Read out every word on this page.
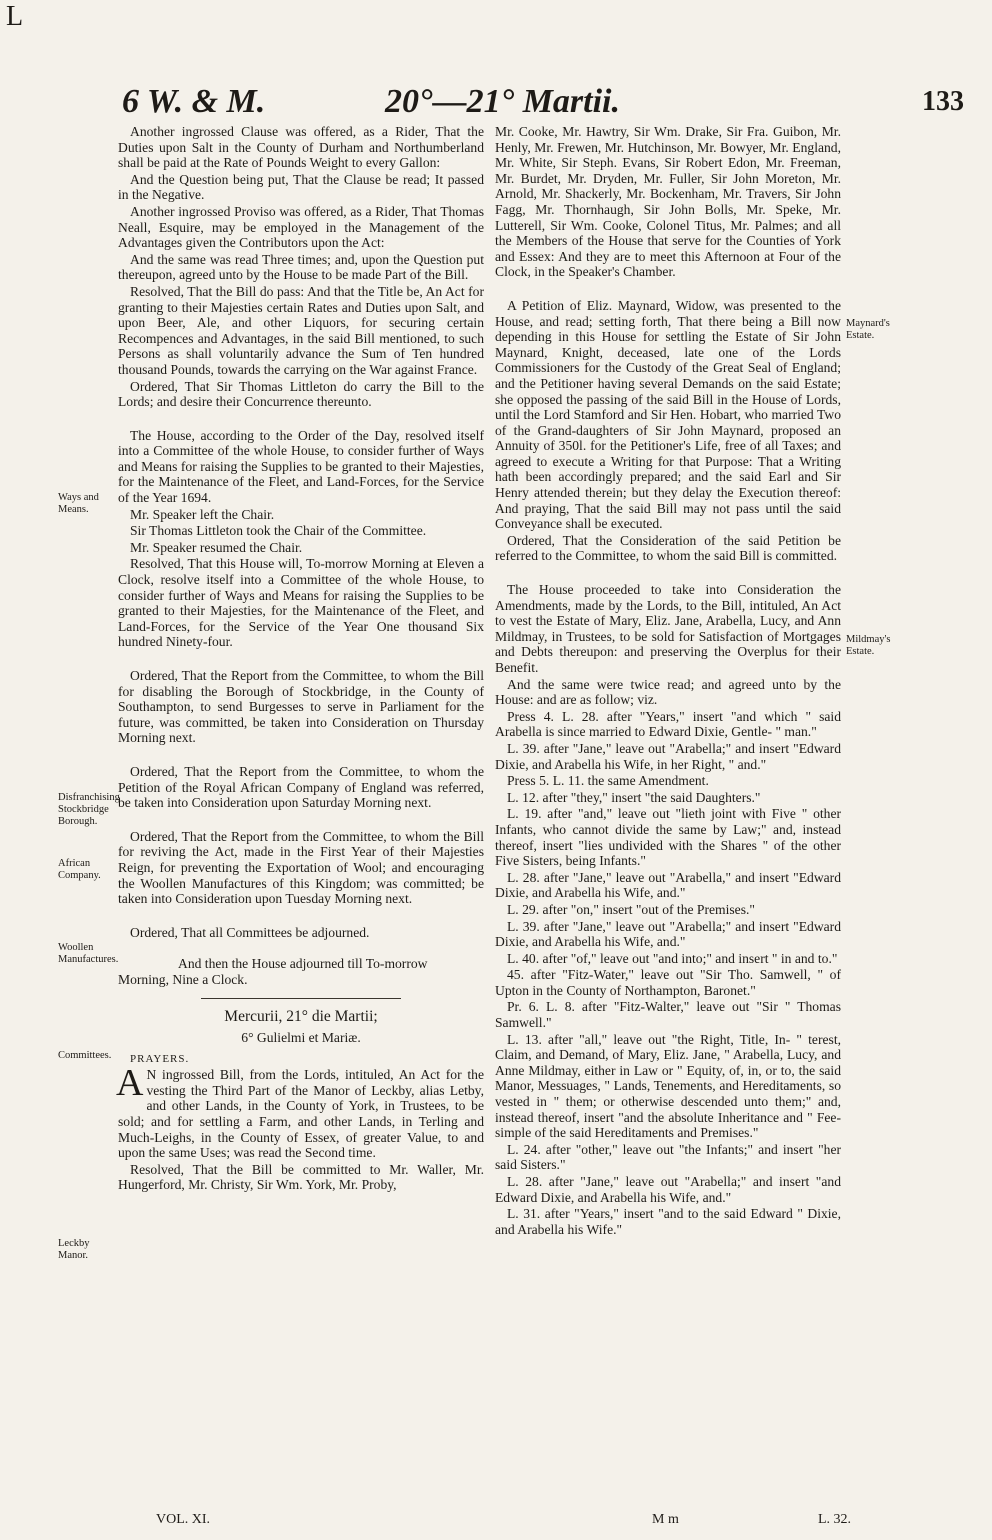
L
6 W. & M.	20°—21° Martii.	133

Another ingrossed Clause was offered, as a Rider, That the Duties upon Salt in the County of Durham and Northumberland shall be paid at the Rate of Pounds Weight to every Gallon:

And the Question being put, That the Clause be read; It passed in the Negative.

Another ingrossed Proviso was offered, as a Rider, That Thomas Neall, Esquire, may be employed in the Management of the Advantages given the Contributors upon the Act:

And the same was read Three times; and, upon the Question put thereupon, agreed unto by the House to be made Part of the Bill.

Resolved, That the Bill do pass: And that the Title be, An Act for granting to their Majesties certain Rates and Duties upon Salt, and upon Beer, Ale, and other Liquors, for securing certain Recompences and Advantages, in the said Bill mentioned, to such Persons as shall voluntarily advance the Sum of Ten hundred thousand Pounds, towards the carrying on the War against France.

Ordered, That Sir Thomas Littleton do carry the Bill to the Lords; and desire their Concurrence thereunto.

The House, according to the Order of the Day, resolved itself into a Committee of the whole House, to consider further of Ways and Means for raising the Supplies to be granted to their Majesties, for the Maintenance of the Fleet, and Land-Forces, for the Service of the Year 1694.

Mr. Speaker left the Chair.

Sir Thomas Littleton took the Chair of the Committee.

Mr. Speaker resumed the Chair.

Resolved, That this House will, To-morrow Morning at Eleven a Clock, resolve itself into a Committee of the whole House, to consider further of Ways and Means for raising the Supplies to be granted to their Majesties, for the Maintenance of the Fleet, and Land-Forces, for the Service of the Year One thousand Six hundred Ninety-four.

Ordered, That the Report from the Committee, to whom the Bill for disabling the Borough of Stockbridge, in the County of Southampton, to send Burgesses to serve in Parliament for the future, was committed, be taken into Consideration on Thursday Morning next.

Ordered, That the Report from the Committee, to whom the Petition of the Royal African Company of England was referred, be taken into Consideration upon Saturday Morning next.

Ordered, That the Report from the Committee, to whom the Bill for reviving the Act, made in the First Year of their Majesties Reign, for preventing the Exportation of Wool; and encouraging the Woollen Manufactures of this Kingdom; was committed; be taken into Consideration upon Tuesday Morning next.

Ordered, That all Committees be adjourned.

And then the House adjourned till To-morrow Morning, Nine a Clock.

Mercurii, 21° die Martii;
6° Gulielmi et Mariæ.

PRAYERS.

A N ingrossed Bill, from the Lords, intituled, An Act for the vesting the Third Part of the Manor of Leckby, alias Letby, and other Lands, in the County of York, in Trustees, to be sold; and for settling a Farm, and other Lands, in Terling and Much-Leighs, in the County of Essex, of greater Value, to and upon the same Uses; was read the Second time.

Resolved, That the Bill be committed to Mr. Waller, Mr. Hungerford, Mr. Christy, Sir Wm. York, Mr. Proby,

Mr. Cooke, Mr. Hawtry, Sir Wm. Drake, Sir Fra. Guibon, Mr. Henly, Mr. Frewen, Mr. Hutchinson, Mr. Bowyer, Mr. England, Mr. White, Sir Steph. Evans, Sir Robert Edon, Mr. Freeman, Mr. Burdet, Mr. Dryden, Mr. Fuller, Sir John Moreton, Mr. Arnold, Mr. Shackerly, Mr. Bockenham, Mr. Travers, Sir John Fagg, Mr. Thornhaugh, Sir John Bolls, Mr. Speke, Mr. Lutterell, Sir Wm. Cooke, Colonel Titus, Mr. Palmes; and all the Members of the House that serve for the Counties of York and Essex: And they are to meet this Afternoon at Four of the Clock, in the Speaker's Chamber.

A Petition of Eliz. Maynard, Widow, was presented to the House, and read; setting forth, That there being a Bill now depending in this House for settling the Estate of Sir John Maynard, Knight, deceased, late one of the Lords Commissioners for the Custody of the Great Seal of England; and the Petitioner having several Demands on the said Estate; she opposed the passing of the said Bill in the House of Lords, until the Lord Stamford and Sir Hen. Hobart, who married Two of the Grand-daughters of Sir John Maynard, proposed an Annuity of 350l. for the Petitioner's Life, free of all Taxes; and agreed to execute a Writing for that Purpose: That a Writing hath been accordingly prepared; and the said Earl and Sir Henry attended therein; but they delay the Execution thereof: And praying, That the said Bill may not pass until the said Conveyance shall be executed.

Ordered, That the Consideration of the said Petition be referred to the Committee, to whom the said Bill is committed.

The House proceeded to take into Consideration the Amendments, made by the Lords, to the Bill, intituled, An Act to vest the Estate of Mary, Eliz. Jane, Arabella, Lucy, and Ann Mildmay, in Trustees, to be sold for Satisfaction of Mortgages and Debts thereupon: and preserving the Overplus for their Benefit.

And the same were twice read; and agreed unto by the House: and are as follow; viz.

Press 4. L. 28. after "Years," insert "and which " said Arabella is since married to Edward Dixie, Gentle- " man."

L. 39. after "Jane," leave out "Arabella;" and insert "Edward Dixie, and Arabella his Wife, in her Right, " and."

Press 5. L. 11. the same Amendment.

L. 12. after "they," insert "the said Daughters."

L. 19. after "and," leave out "lieth joint with Five " other Infants, who cannot divide the same by Law;" and, instead thereof, insert "lies undivided with the Shares " of the other Five Sisters, being Infants."

L. 28. after "Jane," leave out "Arabella," and insert "Edward Dixie, and Arabella his Wife, and."

L. 29. after "on," insert "out of the Premises."

L. 39. after "Jane," leave out "Arabella;" and insert "Edward Dixie, and Arabella his Wife, and."

L. 40. after "of," leave out "and into;" and insert " in and to."

45. after "Fitz-Water," leave out "Sir Tho. Samwell, " of Upton in the County of Northampton, Baronet."

Pr. 6. L. 8. after "Fitz-Walter," leave out "Sir " Thomas Samwell."

L. 13. after "all," leave out "the Right, Title, In- " terest, Claim, and Demand, of Mary, Eliz. Jane, " Arabella, Lucy, and Anne Mildmay, either in Law or " Equity, of, in, or to, the said Manor, Messuages, " Lands, Tenements, and Hereditaments, so vested in " them; or otherwise descended unto them;" and, instead thereof, insert "and the absolute Inheritance and " Fee-simple of the said Hereditaments and Premises."

L. 24. after "other," leave out "the Infants;" and insert "her said Sisters."

L. 28. after "Jane," leave out "Arabella;" and insert "and Edward Dixie, and Arabella his Wife, and."

L. 31. after "Years," insert "and to the said Edward " Dixie, and Arabella his Wife."

Ways and Means.
Disfranchising Stockbridge Borough.
African Company.
Woollen Manufactures.
Committees.
Leckby Manor.
Maynard's Estate.
Mildmay's Estate.
VOL. XI.	M m	L. 32.
